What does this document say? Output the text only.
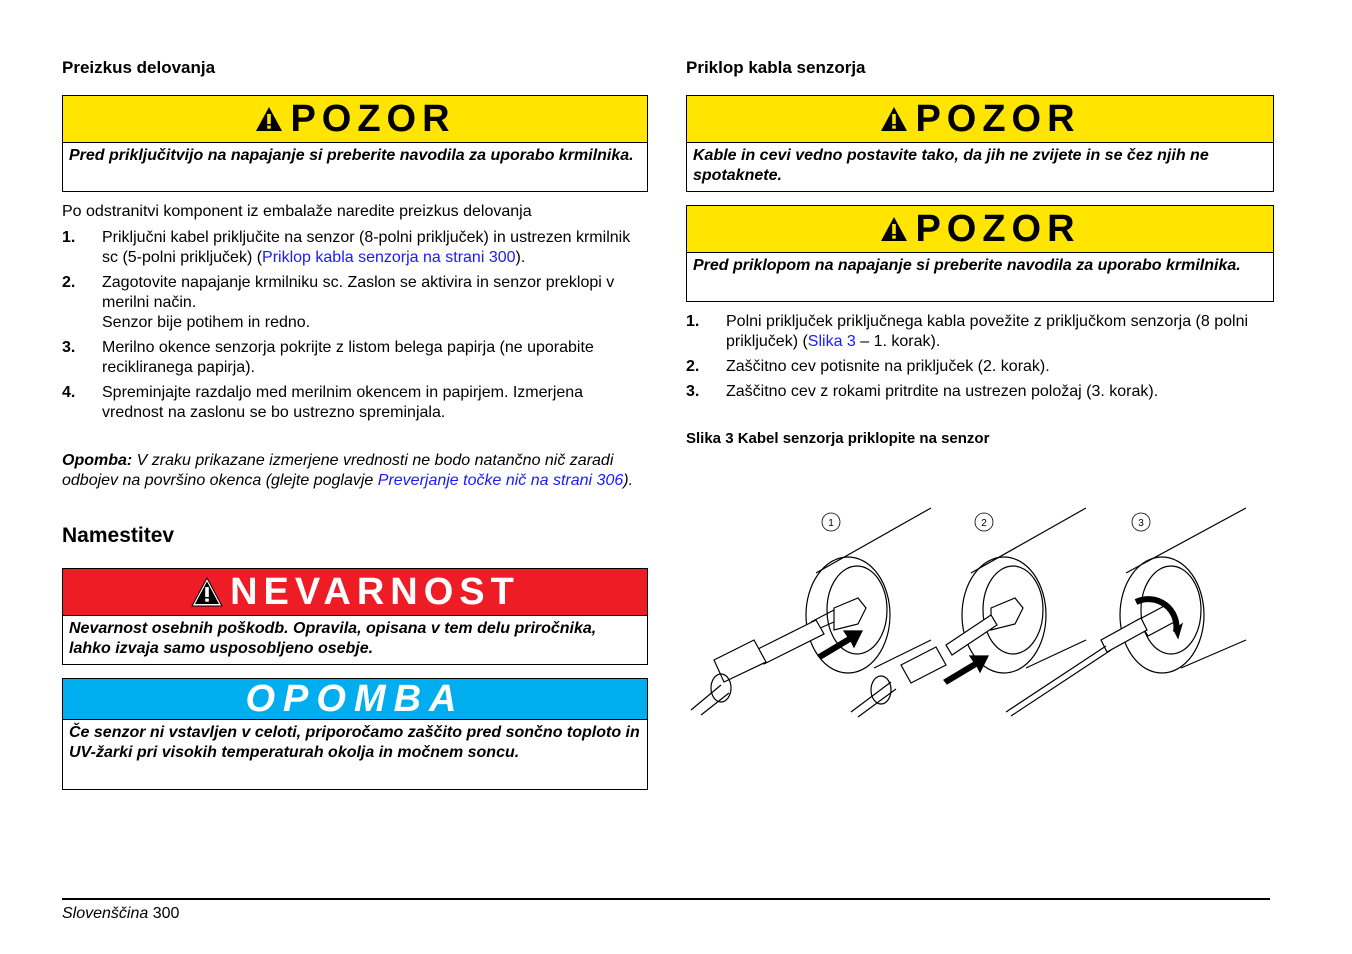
Preizkus delovanja
POZOR
Pred priključitvijo na napajanje si preberite navodila za uporabo krmilnika.

Po odstranitvi komponent iz embalaže naredite preizkus delovanja

1. Priključni kabel priključite na senzor (8-polni priključek) in ustrezen krmilnik sc (5-polni priključek) (Priklop kabla senzorja na strani 300).
2. Zagotovite napajanje krmilniku sc. Zaslon se aktivira in senzor preklopi v merilni način.
Senzor bije potihem in redno.
3. Merilno okence senzorja pokrijte z listom belega papirja (ne uporabite recikliranega papirja).
4. Spreminjajte razdaljo med merilnim okencem in papirjem. Izmerjena vrednost na zaslonu se bo ustrezno spreminjala.

Opomba: V zraku prikazane izmerjene vrednosti ne bodo natančno nič zaradi odbojev na površino okenca (glejte poglavje Preverjanje točke nič na strani 306).

Namestitev
NEVARNOST
Nevarnost osebnih poškodb. Opravila, opisana v tem delu priročnika, lahko izvaja samo usposobljeno osebje.
OPOMBA
Če senzor ni vstavljen v celoti, priporočamo zaščito pred sončno toploto in UV-žarki pri visokih temperaturah okolja in močnem soncu.
Priklop kabla senzorja
POZOR
Kable in cevi vedno postavite tako, da jih ne zvijete in se čez njih ne spotaknete.
POZOR
Pred priklopom na napajanje si preberite navodila za uporabo krmilnika.
1. Polni priključek priključnega kabla povežite z priključkom senzorja (8 polni priključek) (Slika 3 – 1. korak).
2. Zaščitno cev potisnite na priključek (2. korak).
3. Zaščitno cev z rokami pritrdite na ustrezen položaj (3. korak).

Slika 3 Kabel senzorja priklopite na senzor

1	2	3
Slovenščina 300
